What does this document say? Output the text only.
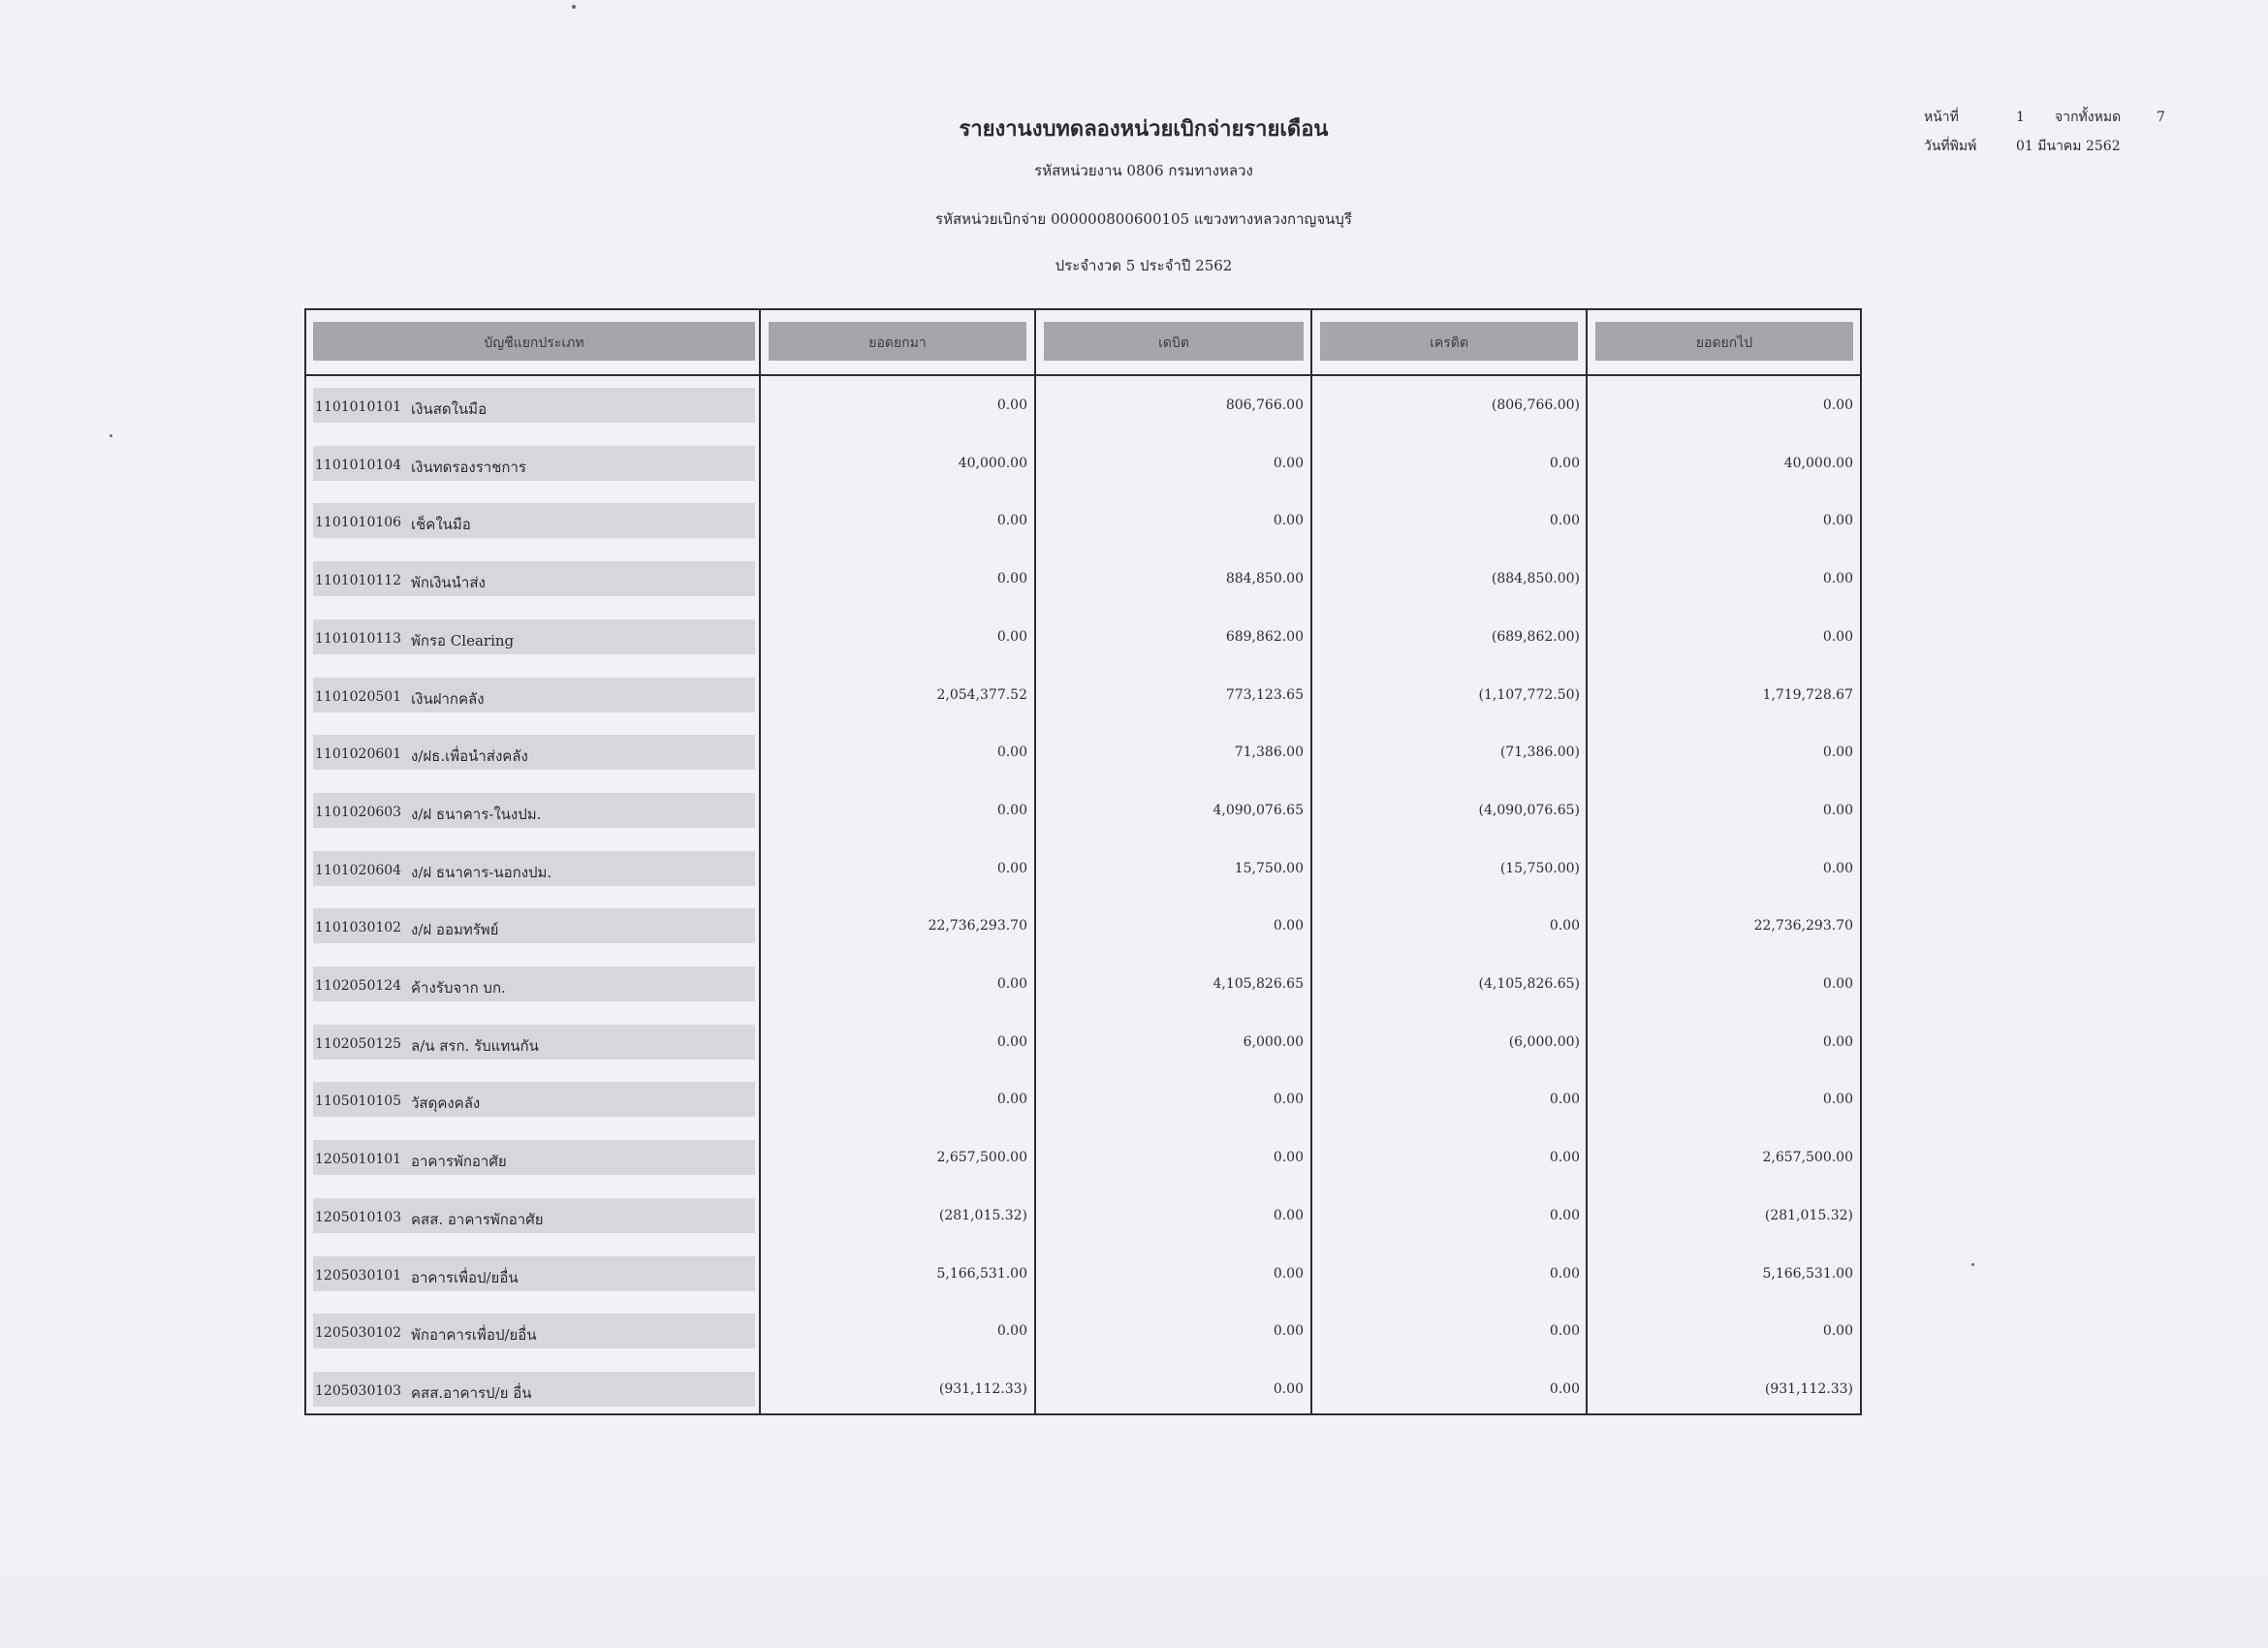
รายงานงบทดลองหน่วยเบิกจ่ายรายเดือน
รหัสหน่วยงาน 0806 กรมทางหลวง
รหัสหน่วยเบิกจ่าย 000000800600105 แขวงทางหลวงกาญจนบุรี
ประจำงวด 5 ประจำปี 2562
หน้าที่	1 จากทั้งหมด	7
วันที่พิมพ์	01 มีนาคม 2562
บัญชีแยกประเภท	ยอดยกมา	เดบิต	เครดิต	ยอดยกไป
1101010101 เงินสดในมือ	0.00	806,766.00	(806,766.00)	0.00
1101010104 เงินทดรองราชการ	40,000.00	0.00	0.00	40,000.00
1101010106 เช็คในมือ	0.00	0.00	0.00	0.00
1101010112 พักเงินนำส่ง	0.00	884,850.00	(884,850.00)	0.00
1101010113 พักรอ Clearing	0.00	689,862.00	(689,862.00)	0.00
1101020501 เงินฝากคลัง	2,054,377.52	773,123.65	(1,107,772.50)	1,719,728.67
1101020601 ง/ฝธ.เพื่อนำส่งคลัง	0.00	71,386.00	(71,386.00)	0.00
1101020603 ง/ฝ ธนาคาร-ในงปม.	0.00	4,090,076.65	(4,090,076.65)	0.00
1101020604 ง/ฝ ธนาคาร-นอกงปม.	0.00	15,750.00	(15,750.00)	0.00
1101030102 ง/ฝ ออมทรัพย์	22,736,293.70	0.00	0.00	22,736,293.70
1102050124 ค้างรับจาก บก.	0.00	4,105,826.65	(4,105,826.65)	0.00
1102050125 ล/น สรก. รับแทนกัน	0.00	6,000.00	(6,000.00)	0.00
1105010105 วัสดุคงคลัง	0.00	0.00	0.00	0.00
1205010101 อาคารพักอาศัย	2,657,500.00	0.00	0.00	2,657,500.00
1205010103 คสส. อาคารพักอาศัย	(281,015.32)	0.00	0.00	(281,015.32)
1205030101 อาคารเพื่อป/ยอื่น	5,166,531.00	0.00	0.00	5,166,531.00
1205030102 พักอาคารเพื่อป/ยอื่น	0.00	0.00	0.00	0.00
1205030103 คสส.อาคารป/ย อื่น	(931,112.33)	0.00	0.00	(931,112.33)
